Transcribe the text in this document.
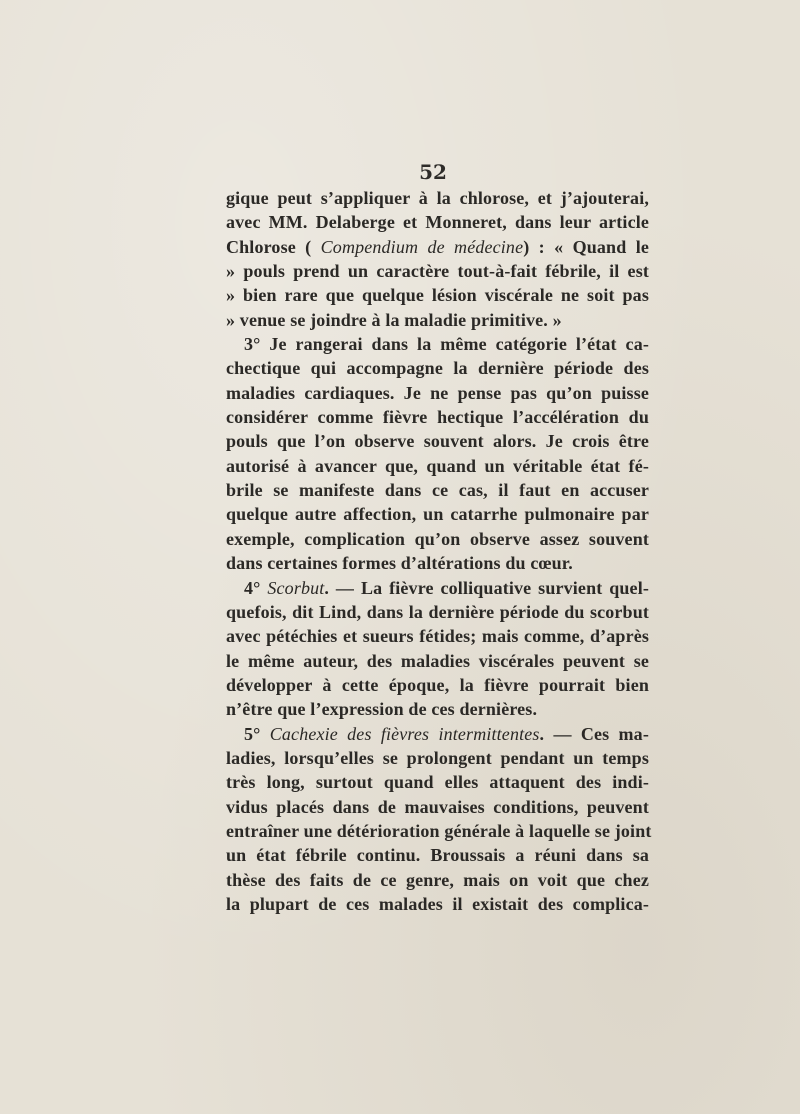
52
gique peut s’appliquer à la chlorose, et j’ajouterai,
avec MM. Delaberge et Monneret, dans leur article
Chlorose ( Compendium de médecine) : « Quand le
» pouls prend un caractère tout-à-fait fébrile, il est
» bien rare que quelque lésion viscérale ne soit pas
» venue se joindre à la maladie primitive. »
3° Je rangerai dans la même catégorie l’état ca-
chectique qui accompagne la dernière période des
maladies cardiaques. Je ne pense pas qu’on puisse
considérer comme fièvre hectique l’accélération du
pouls que l’on observe souvent alors. Je crois être
autorisé à avancer que, quand un véritable état fé-
brile se manifeste dans ce cas, il faut en accuser
quelque autre affection, un catarrhe pulmonaire par
exemple, complication qu’on observe assez souvent
dans certaines formes d’altérations du cœur.
4° Scorbut. — La fièvre colliquative survient quel-
quefois, dit Lind, dans la dernière période du scorbut
avec pétéchies et sueurs fétides; mais comme, d’après
le même auteur, des maladies viscérales peuvent se
développer à cette époque, la fièvre pourrait bien
n’être que l’expression de ces dernières.
5° Cachexie des fièvres intermittentes. — Ces ma-
ladies, lorsqu’elles se prolongent pendant un temps
très long, surtout quand elles attaquent des indi-
vidus placés dans de mauvaises conditions, peuvent
entraîner une détérioration générale à laquelle se joint
un état fébrile continu. Broussais a réuni dans sa
thèse des faits de ce genre, mais on voit que chez
la plupart de ces malades il existait des complica-
